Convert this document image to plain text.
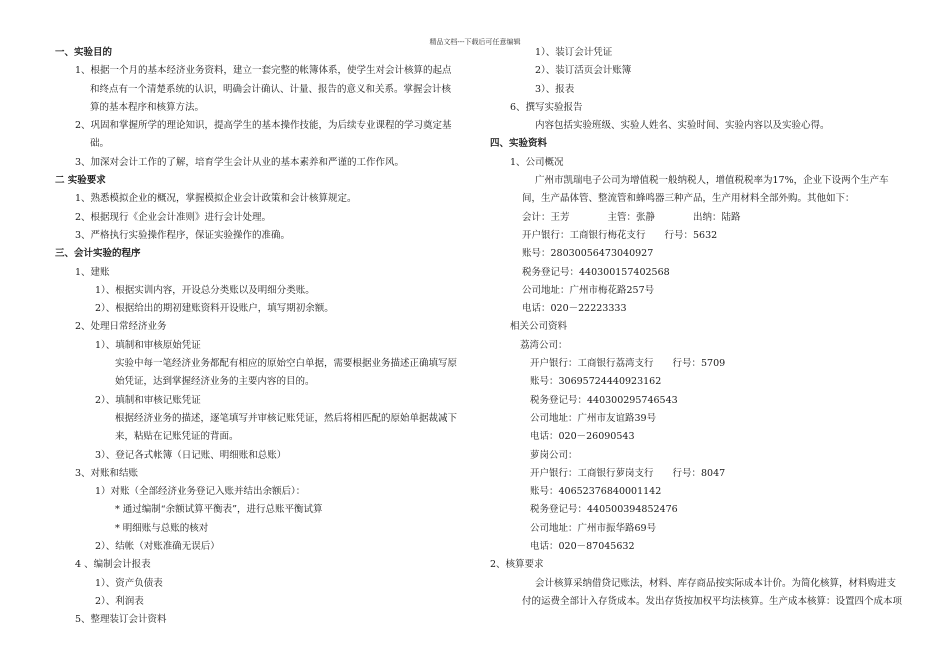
精品文档---下载后可任意编辑
一、实验目的
1、根据一个月的基本经济业务资料，建立一套完整的帐簿体系，使学生对会计核算的起点
和终点有一个清楚系统的认识，明确会计确认、计量、报告的意义和关系。掌握会计核
算的基本程序和核算方法。
2、巩固和掌握所学的理论知识，提高学生的基本操作技能，为后续专业课程的学习奠定基
础。
3、加深对会计工作的了解，培育学生会计从业的基本素养和严谨的工作作风。
二 实验要求
1、熟悉模拟企业的概况，掌握模拟企业会计政策和会计核算规定。
2、根据现行《企业会计准则》进行会计处理。
3、严格执行实验操作程序，保证实验操作的准确。
三、会计实验的程序
1、建账
1）、根据实训内容，开设总分类账以及明细分类账。
2）、根据给出的期初建账资料开设账户，填写期初余额。
2、处理日常经济业务
1）、填制和审核原始凭证
实验中每一笔经济业务都配有相应的原始空白单据，需要根据业务描述正确填写原
始凭证，达到掌握经济业务的主要内容的目的。
2）、填制和审核记账凭证
根据经济业务的描述，逐笔填写并审核记账凭证，然后将相匹配的原始单据裁减下
来，粘贴在记账凭证的背面。
3）、登记各式帐簿（日记账、明细账和总账）
3、对账和结账
1）对账（全部经济业务登记入账并结出余额后）：
* 通过编制“余额试算平衡表”，进行总账平衡试算
* 明细账与总账的核对
2）、结帐（对账准确无误后）
4 、编制会计报表
1）、资产负债表
2）、利润表
5、整理装订会计资料
1）、装订会计凭证
2）、装订活页会计账簿
3）、报表
6、撰写实验报告
内容包括实验班级、实验人姓名、实验时间、实验内容以及实验心得。
四、实验资料
1、公司概况
广州市凯瑞电子公司为增值税一般纳税人，增值税税率为17%，企业下设两个生产车
间，生产晶体管、整流管和蜂鸣器三种产品，生产用材料全部外购。其他如下：
会计：王芳　　　　主管：张静　　　　出纳：陆路
开户银行：工商银行梅花支行　　行号：5632
账号：28030056473040927
税务登记号：440300157402568
公司地址：广州市梅花路257号
电话：020－22223333
相关公司资料
荔湾公司：
开户银行：工商银行荔湾支行　　行号：5709
账号：30695724440923162
税务登记号：440300295746543
公司地址：广州市友谊路39号
电话：020－26090543
萝岗公司：
开户银行：工商银行萝岗支行　　行号：8047
账号：40652376840001142
税务登记号：440500394852476
公司地址：广州市振华路69号
电话：020－87045632
2、核算要求
会计核算采纳借贷记账法，材料、库存商品按实际成本计价。为简化核算，材料购进支
付的运费全部计入存货成本。发出存货按加权平均法核算。生产成本核算：设置四个成本项
